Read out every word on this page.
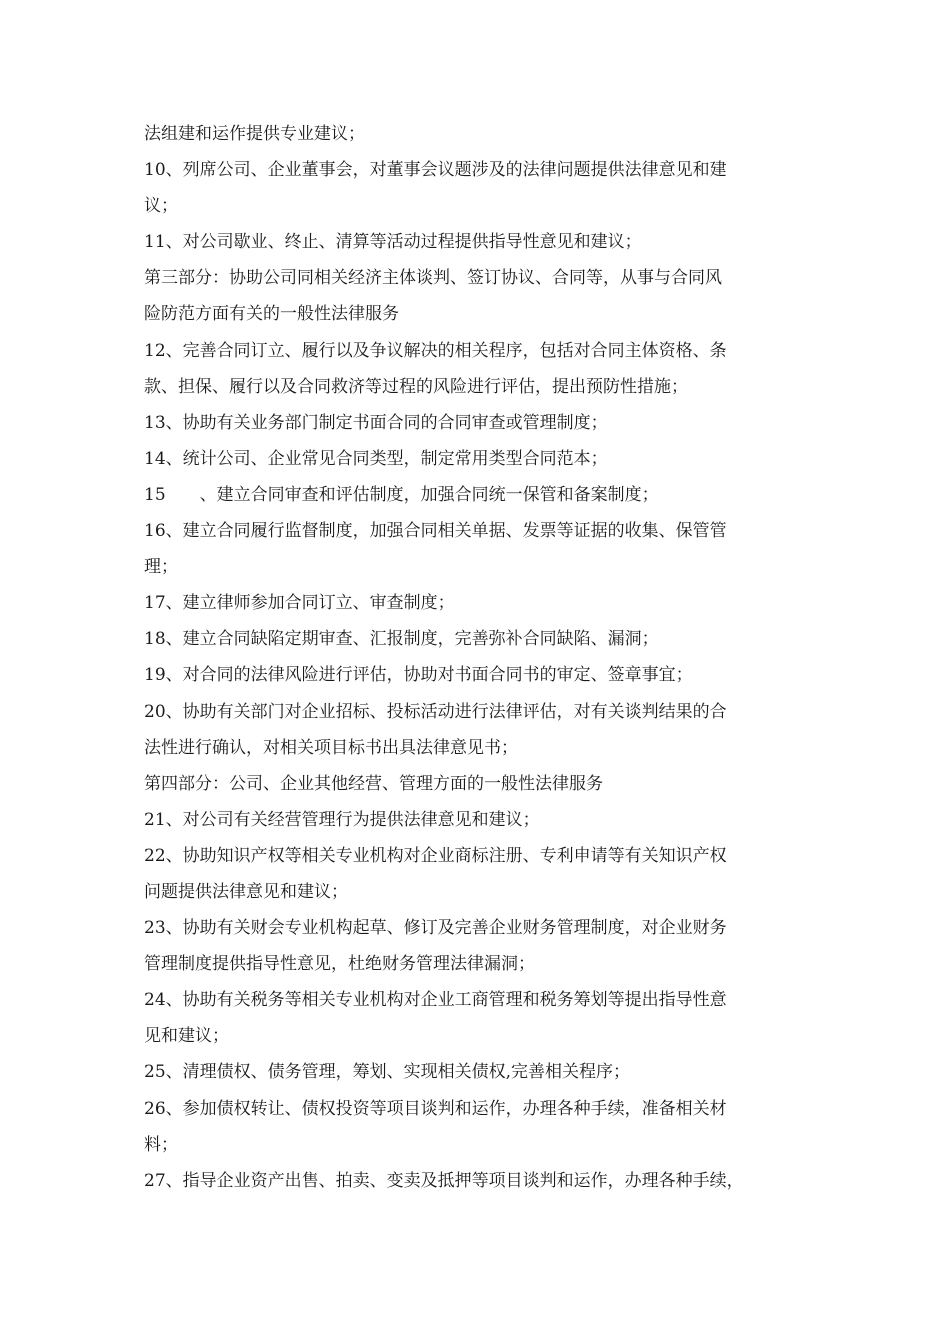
法组建和运作提供专业建议；
10、列席公司、企业董事会，对董事会议题涉及的法律问题提供法律意见和建
议；
11、对公司歇业、终止、清算等活动过程提供指导性意见和建议；
第三部分：协助公司同相关经济主体谈判、签订协议、合同等，从事与合同风
险防范方面有关的一般性法律服务
12、完善合同订立、履行以及争议解决的相关程序，包括对合同主体资格、条
款、担保、履行以及合同救济等过程的风险进行评估，提出预防性措施；
13、协助有关业务部门制定书面合同的合同审查或管理制度；
14、统计公司、企业常见合同类型，制定常用类型合同范本；
15　　、建立合同审查和评估制度，加强合同统一保管和备案制度；
16、建立合同履行监督制度，加强合同相关单据、发票等证据的收集、保管管
理；
17、建立律师参加合同订立、审查制度；
18、建立合同缺陷定期审查、汇报制度，完善弥补合同缺陷、漏洞；
19、对合同的法律风险进行评估，协助对书面合同书的审定、签章事宜；
20、协助有关部门对企业招标、投标活动进行法律评估，对有关谈判结果的合
法性进行确认，对相关项目标书出具法律意见书；
第四部分：公司、企业其他经营、管理方面的一般性法律服务
21、对公司有关经营管理行为提供法律意见和建议；
22、协助知识产权等相关专业机构对企业商标注册、专利申请等有关知识产权
问题提供法律意见和建议；
23、协助有关财会专业机构起草、修订及完善企业财务管理制度，对企业财务
管理制度提供指导性意见，杜绝财务管理法律漏洞；
24、协助有关税务等相关专业机构对企业工商管理和税务筹划等提出指导性意
见和建议；
25、清理债权、债务管理，筹划、实现相关债权,完善相关程序；
26、参加债权转让、债权投资等项目谈判和运作，办理各种手续，准备相关材
料；
27、指导企业资产出售、拍卖、变卖及抵押等项目谈判和运作，办理各种手续，
